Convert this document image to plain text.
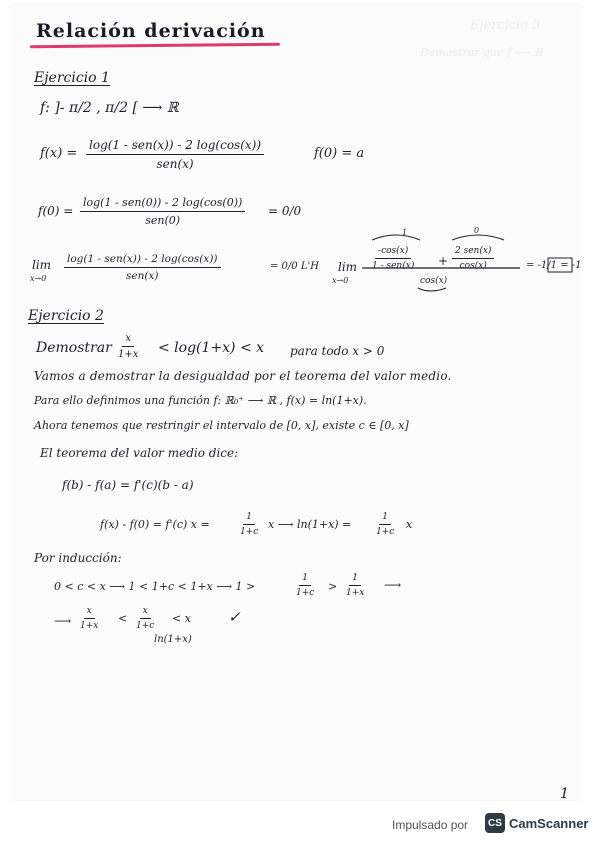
Ejercicio 3
Demostrar que f ⟶ ℝ
Relación derivación
Ejercicio 1
f: ]- π/2 , π/2 [ ⟶ ℝ
f(x) =
log(1 - sen(x)) - 2 log(cos(x))
sen(x)
f(0) = a
f(0) =
log(1 - sen(0)) - 2 log(cos(0))
sen(0)
= 0/0
lim
x→0
log(1 - sen(x)) - 2 log(cos(x))
sen(x)
= 0/0 L'H lim
x→0
-cos(x)
1 - sen(x) +
2 sen(x)
cos(x)
cos(x)
1	0
= -1/1 = -1
Ejercicio 2
Demostrar $\frac{x}{1+x} < \log(1+x) < x$ para todo x > 0
Vamos a demostrar la desigualdad por el teorema del valor medio.
Para ello definimos una función f: ℝ₀⁺ ⟶ ℝ , f(x) = ln(1+x).
Ahora tenemos que restringir el intervalo de [0, x], existe c ∈ [0, x]
El teorema del valor medio dice:
f(b) - f(a) = f'(c)(b - a)
f(x) - f(0) = f'(c) x =	$\frac{1}{1+c}$ x ⟶ ln(1+x) =	$\frac{1}{1+c}$ x
Por inducción:
0 < c < x ⟶ 1 < 1+c < 1+x ⟶ 1 >	$\frac{1}{1+c} > \frac{1}{1+x}$ ⟶
⟶ $\frac{x}{1+x} < \frac{x}{1+c} < x$
ln(1+x)
✓
1
Impulsado por	CS CamScanner
